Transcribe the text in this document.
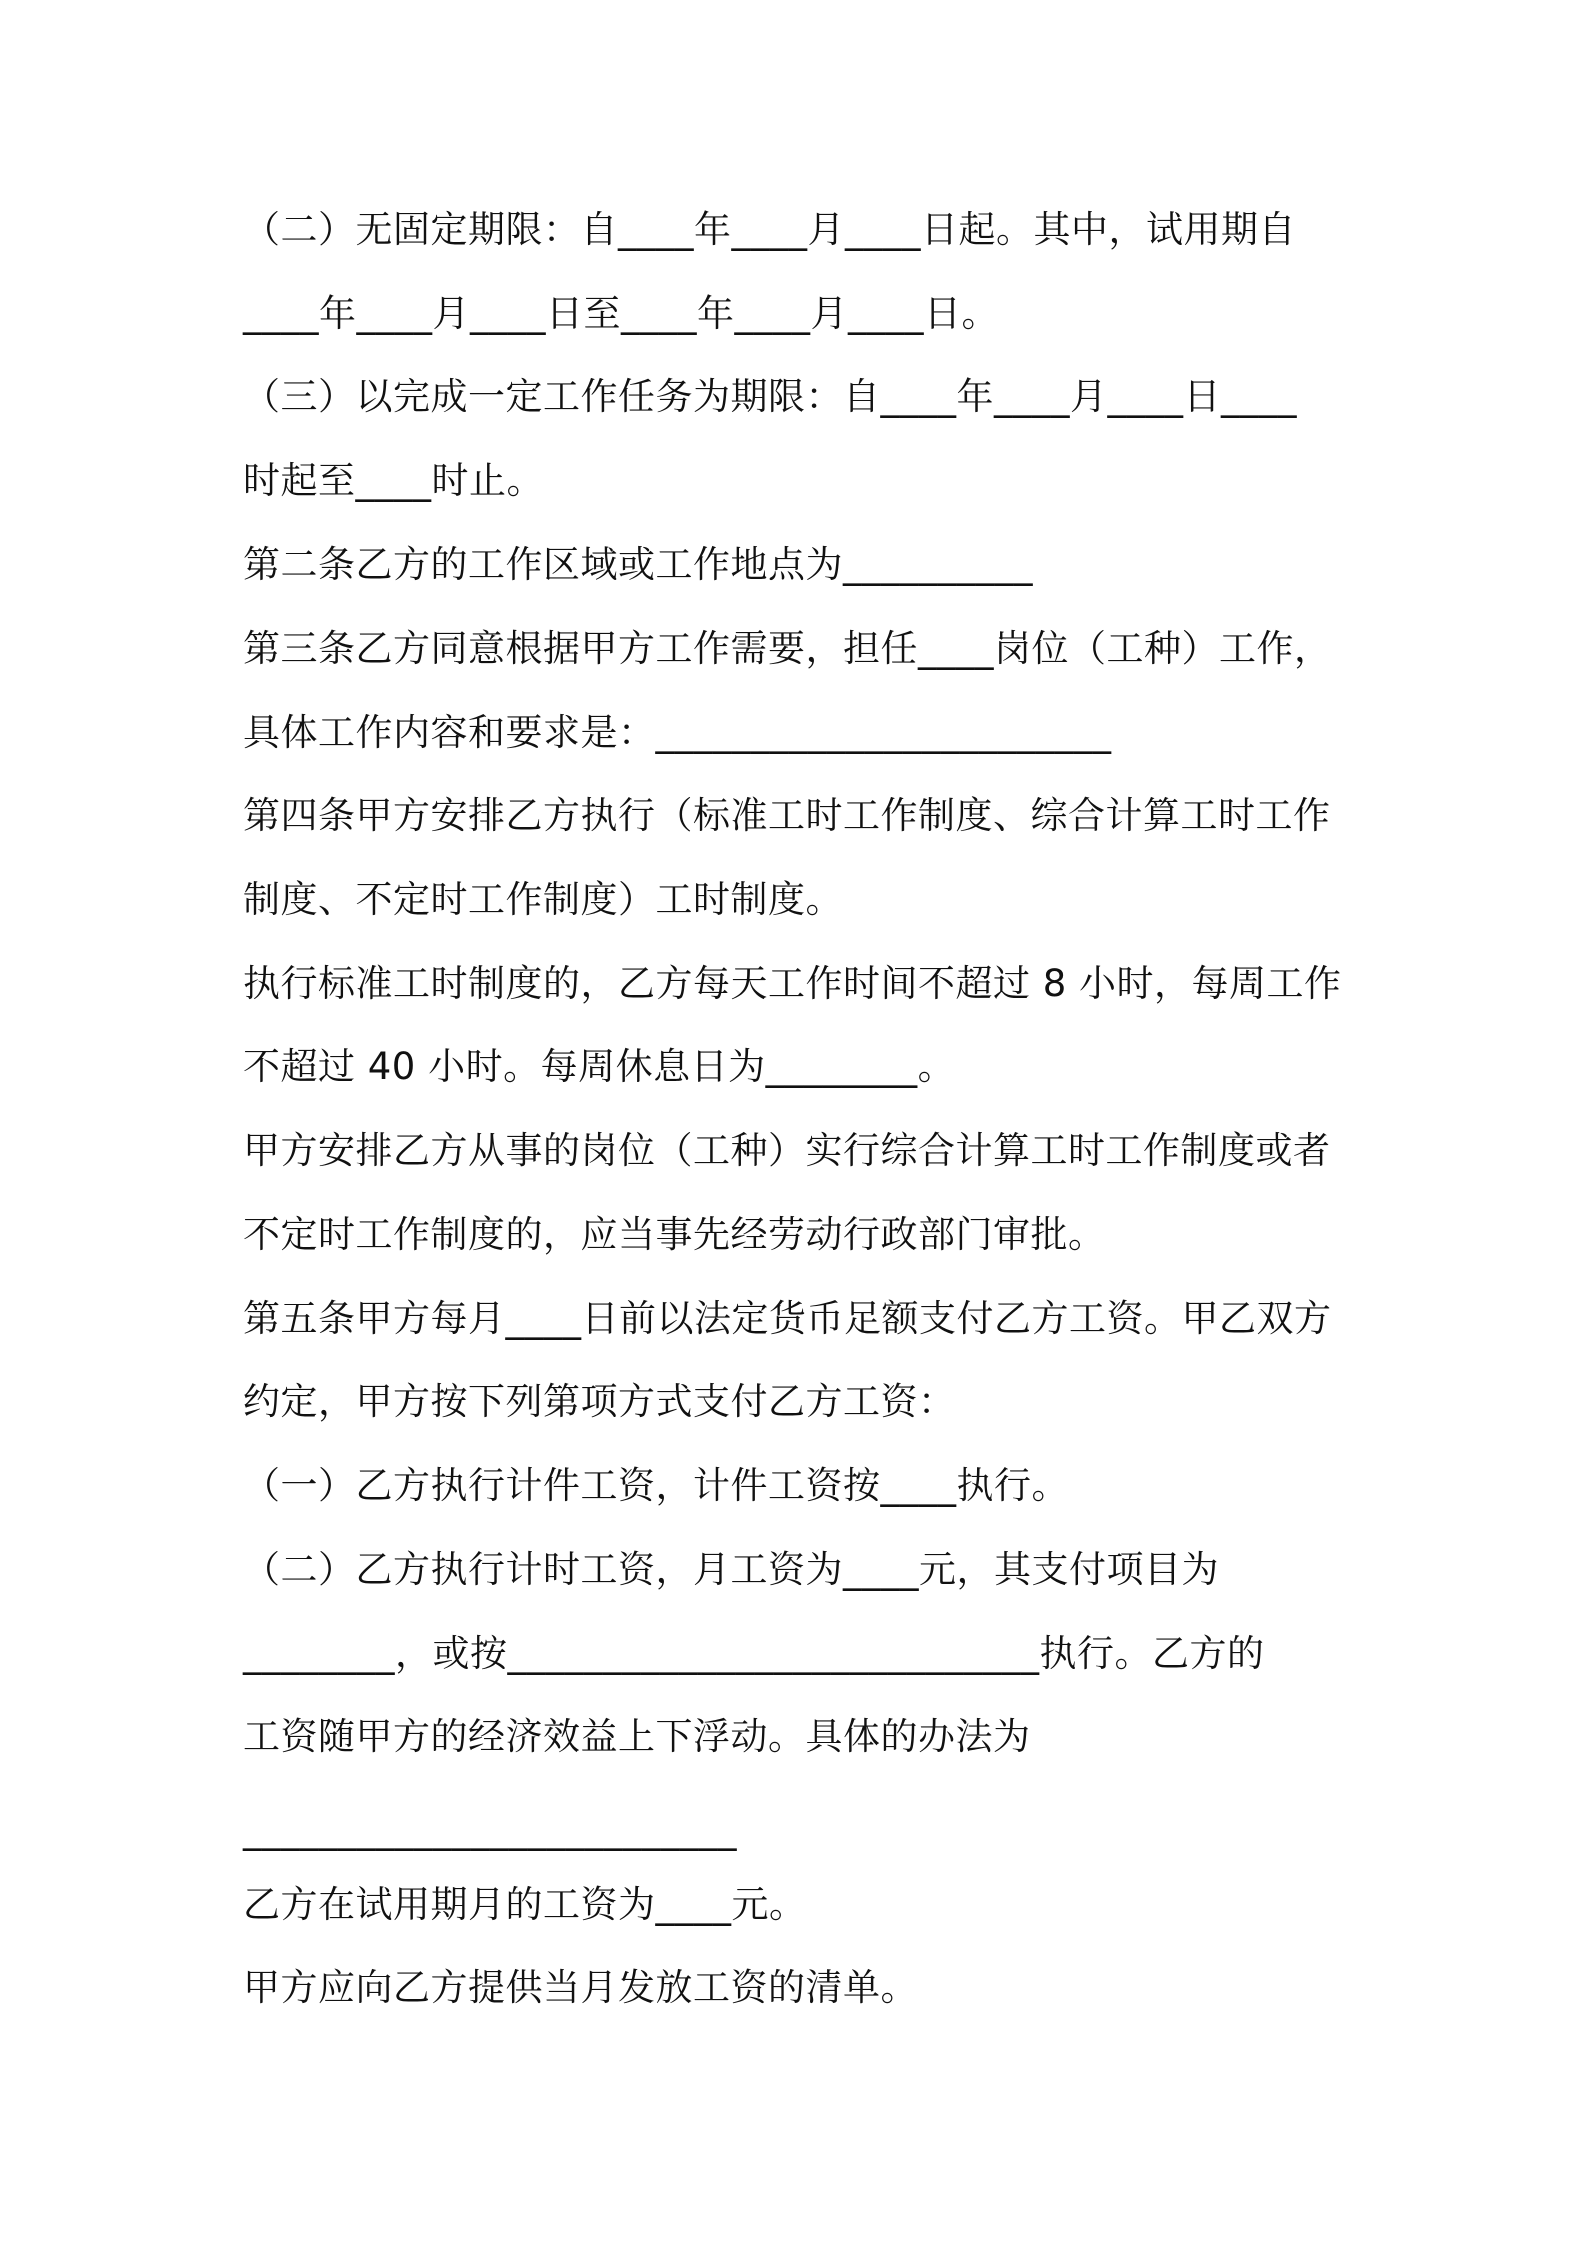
（二）无固定期限：自____年____月____日起。其中，试用期自

____年____月____日至____年____月____日。

（三）以完成一定工作任务为期限：自____年____月____日____

时起至____时止。

第二条乙方的工作区域或工作地点为__________

第三条乙方同意根据甲方工作需要，担任____岗位（工种）工作，

具体工作内容和要求是：________________________

第四条甲方安排乙方执行（标准工时工作制度、综合计算工时工作

制度、不定时工作制度）工时制度。

执行标准工时制度的，乙方每天工作时间不超过 8 小时，每周工作

不超过 40 小时。每周休息日为________。

甲方安排乙方从事的岗位（工种）实行综合计算工时工作制度或者

不定时工作制度的，应当事先经劳动行政部门审批。

第五条甲方每月____日前以法定货币足额支付乙方工资。甲乙双方

约定，甲方按下列第项方式支付乙方工资：

（一）乙方执行计件工资，计件工资按____执行。

（二）乙方执行计时工资，月工资为____元，其支付项目为

________，或按____________________________执行。乙方的

工资随甲方的经济效益上下浮动。具体的办法为

__________________________

乙方在试用期月的工资为____元。

甲方应向乙方提供当月发放工资的清单。
